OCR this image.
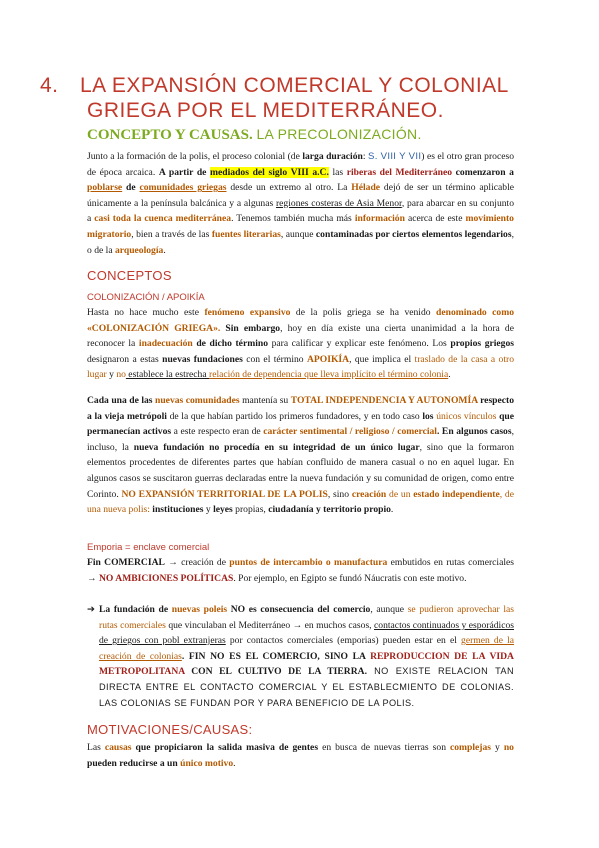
4. LA EXPANSIÓN COMERCIAL Y COLONIAL
GRIEGA POR EL MEDITERRÁNEO.
CONCEPTO Y CAUSAS. LA PRECOLONIZACIÓN.
Junto a la formación de la polis, el proceso colonial (de larga duración: S. VIII Y VII) es el otro gran proceso de época arcaica. A partir de mediados del siglo VIII a.C. las riberas del Mediterráneo comenzaron a poblarse de comunidades griegas desde un extremo al otro. La Hélade dejó de ser un término aplicable únicamente a la península balcánica y a algunas regiones costeras de Asia Menor, para abarcar en su conjunto a casi toda la cuenca mediterránea. Tenemos también mucha más información acerca de este movimiento migratorio, bien a través de las fuentes literarias, aunque contaminadas por ciertos elementos legendarios, o de la arqueología.
CONCEPTOS
COLONIZACIÓN / APOIKÍA
Hasta no hace mucho este fenómeno expansivo de la polis griega se ha venido denominado como «COLONIZACIÓN GRIEGA». Sin embargo, hoy en día existe una cierta unanimidad a la hora de reconocer la inadecuación de dicho término para calificar y explicar este fenómeno. Los propios griegos designaron a estas nuevas fundaciones con el término APOIKÍA, que implica el traslado de la casa a otro lugar y no establece la estrecha relación de dependencia que lleva implícito el término colonia.
Cada una de las nuevas comunidades mantenía su TOTAL INDEPENDENCIA Y AUTONOMÍA respecto a la vieja metrópoli de la que habían partido los primeros fundadores, y en todo caso los únicos vínculos que permanecían activos a este respecto eran de carácter sentimental / religioso / comercial. En algunos casos, incluso, la nueva fundación no procedía en su integridad de un único lugar, sino que la formaron elementos procedentes de diferentes partes que habían confluido de manera casual o no en aquel lugar. En algunos casos se suscitaron guerras declaradas entre la nueva fundación y su comunidad de origen, como entre Corinto. NO EXPANSIÓN TERRITORIAL DE LA POLIS, sino creación de un estado independiente, de una nueva polis: instituciones y leyes propias, ciudadanía y territorio propio.
Emporia = enclave comercial
Fin COMERCIAL → creación de puntos de intercambio o manufactura embutidos en rutas comerciales → NO AMBICIONES POLÍTICAS. Por ejemplo, en Egipto se fundó Náucratis con este motivo.
➔ La fundación de nuevas poleis NO es consecuencia del comercio, aunque se pudieron aprovechar las rutas comerciales que vinculaban el Mediterráneo → en muchos casos, contactos continuados y esporádicos de griegos con pobl extranjeras por contactos comerciales (emporias) pueden estar en el germen de la creación de colonias. FIN NO ES EL COMERCIO, SINO LA REPRODUCCION DE LA VIDA METROPOLITANA CON EL CULTIVO DE LA TIERRA. NO EXISTE RELACION TAN DIRECTA ENTRE EL CONTACTO COMERCIAL Y EL ESTABLECMIENTO DE COLONIAS. LAS COLONIAS SE FUNDAN POR Y PARA BENEFICIO DE LA POLIS.
MOTIVACIONES/CAUSAS:
Las causas que propiciaron la salida masiva de gentes en busca de nuevas tierras son complejas y no pueden reducirse a un único motivo.
